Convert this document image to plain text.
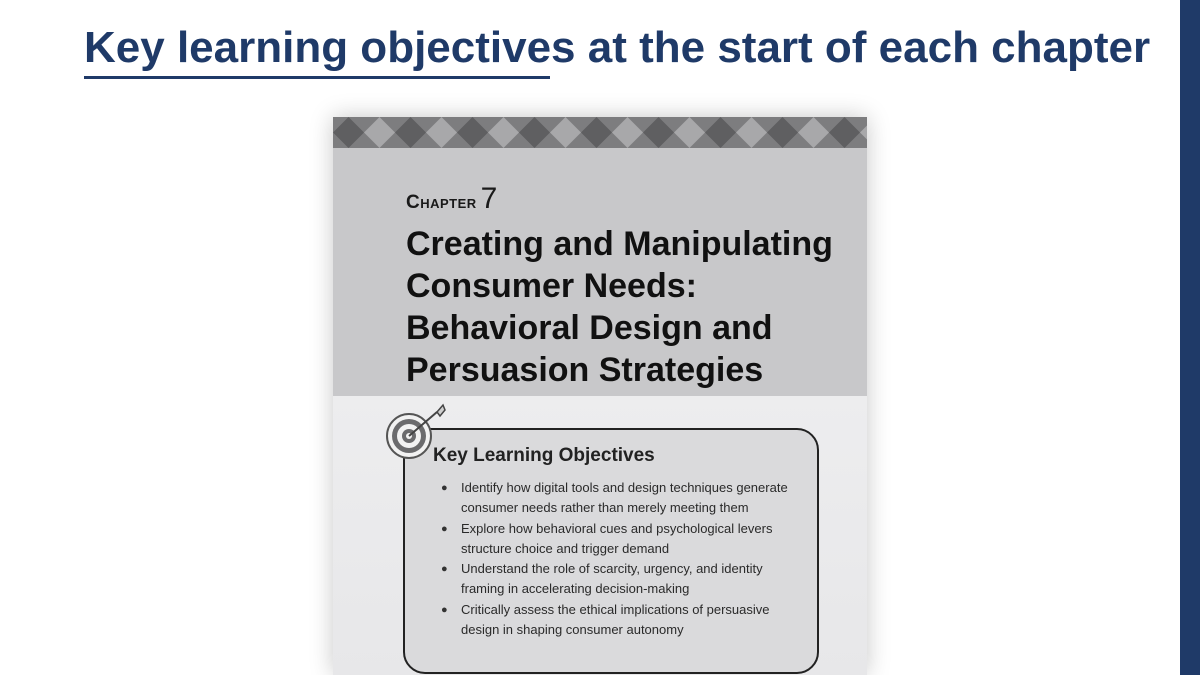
Key learning objectives at the start of each chapter
Chapter 7
Creating and Manipulating
Consumer Needs:
Behavioral Design and
Persuasion Strategies
Key Learning Objectives
● Identify how digital tools and design techniques generate consumer needs rather than merely meeting them
● Explore how behavioral cues and psychological levers structure choice and trigger demand
● Understand the role of scarcity, urgency, and identity framing in accelerating decision-making
● Critically assess the ethical implications of persuasive design in shaping consumer autonomy
